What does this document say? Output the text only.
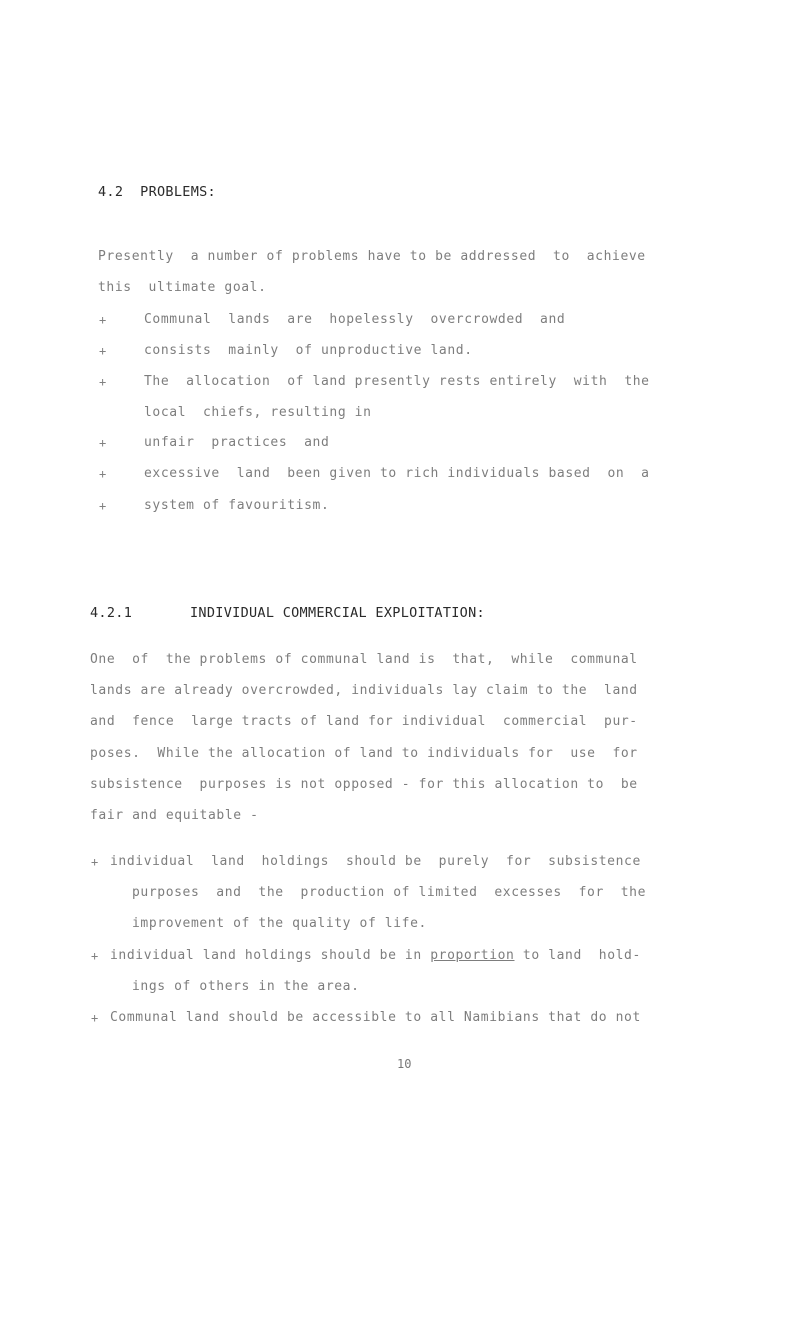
4.2  PROBLEMS:
Presently  a number of problems have to be addressed  to  achieve
this  ultimate goal.
+	Communal  lands  are  hopelessly  overcrowded  and
+	consists  mainly  of unproductive land.
+	The  allocation  of land presently rests entirely  with  the
local  chiefs, resulting in
+	unfair  practices  and
+	excessive  land  been given to rich individuals based  on  a
+	system of favouritism.
4.2.1	INDIVIDUAL COMMERCIAL EXPLOITATION:
One  of  the problems of communal land is  that,  while  communal
lands are already overcrowded, individuals lay claim to the  land
and  fence  large tracts of land for individual  commercial  pur-
poses.  While the allocation of land to individuals for  use  for
subsistence  purposes is not opposed - for this allocation to  be
fair and equitable -
+ individual  land  holdings  should be  purely  for  subsistence
purposes  and  the  production of limited  excesses  for  the
improvement of the quality of life.
+ individual land holdings should be in proportion to land  hold-
ings of others in the area.
+ Communal land should be accessible to all Namibians that do not
10
